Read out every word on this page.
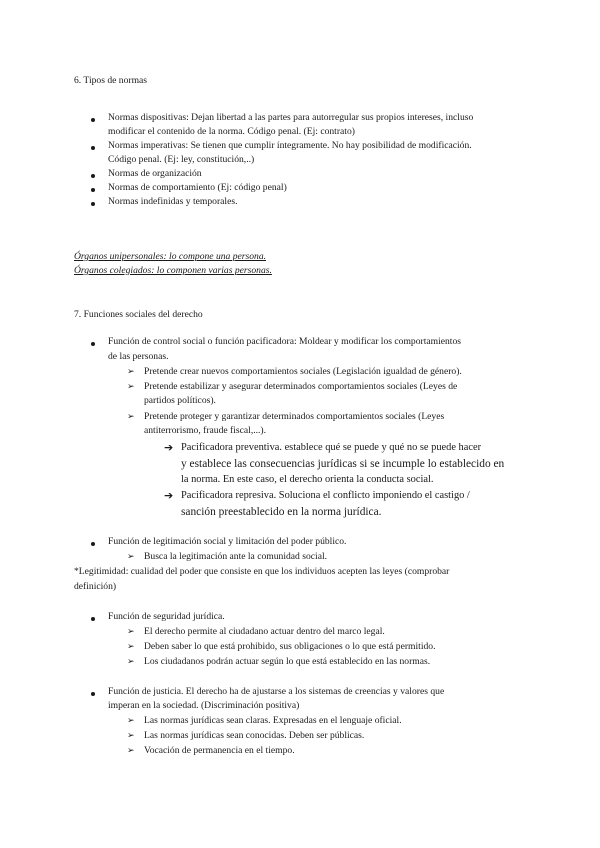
6. Tipos de normas
Normas dispositivas: Dejan libertad a las partes para autorregular sus propios intereses, incluso
modificar el contenido de la norma. Código penal. (Ej: contrato)
Normas imperativas: Se tienen que cumplir íntegramente. No hay posibilidad de modificación.
Código penal. (Ej: ley, constitución,..)
Normas de organización
Normas de comportamiento (Ej: código penal)
Normas indefinidas y temporales.
Órganos unipersonales: lo compone una persona.
Órganos colegiados: lo componen varias personas.
7. Funciones sociales del derecho
Función de control social o función pacificadora: Moldear y modificar los comportamientos
de las personas.
➢ Pretende crear nuevos comportamientos sociales (Legislación igualdad de género).
➢ Pretende estabilizar y asegurar determinados comportamientos sociales (Leyes de
partidos políticos).
➢ Pretende proteger y garantizar determinados comportamientos sociales (Leyes
antiterrorismo, fraude fiscal,...).
➔ Pacificadora preventiva. establece qué se puede y qué no se puede hacer
y establece las consecuencias jurídicas si se incumple lo establecido en
la norma. En este caso, el derecho orienta la conducta social.
➔ Pacificadora represiva. Soluciona el conflicto imponiendo el castigo /
sanción preestablecido en la norma jurídica.
Función de legitimación social y limitación del poder público.
➢ Busca la legitimación ante la comunidad social.
*Legitimidad: cualidad del poder que consiste en que los individuos acepten las leyes (comprobar
definición)
Función de seguridad jurídica.
➢ El derecho permite al ciudadano actuar dentro del marco legal.
➢ Deben saber lo que está prohibido, sus obligaciones o lo que está permitido.
➢ Los ciudadanos podrán actuar según lo que está establecido en las normas.
Función de justicia. El derecho ha de ajustarse a los sistemas de creencias y valores que
imperan en la sociedad. (Discriminación positiva)
➢ Las normas jurídicas sean claras. Expresadas en el lenguaje oficial.
➢ Las normas jurídicas sean conocidas. Deben ser públicas.
➢ Vocación de permanencia en el tiempo.
